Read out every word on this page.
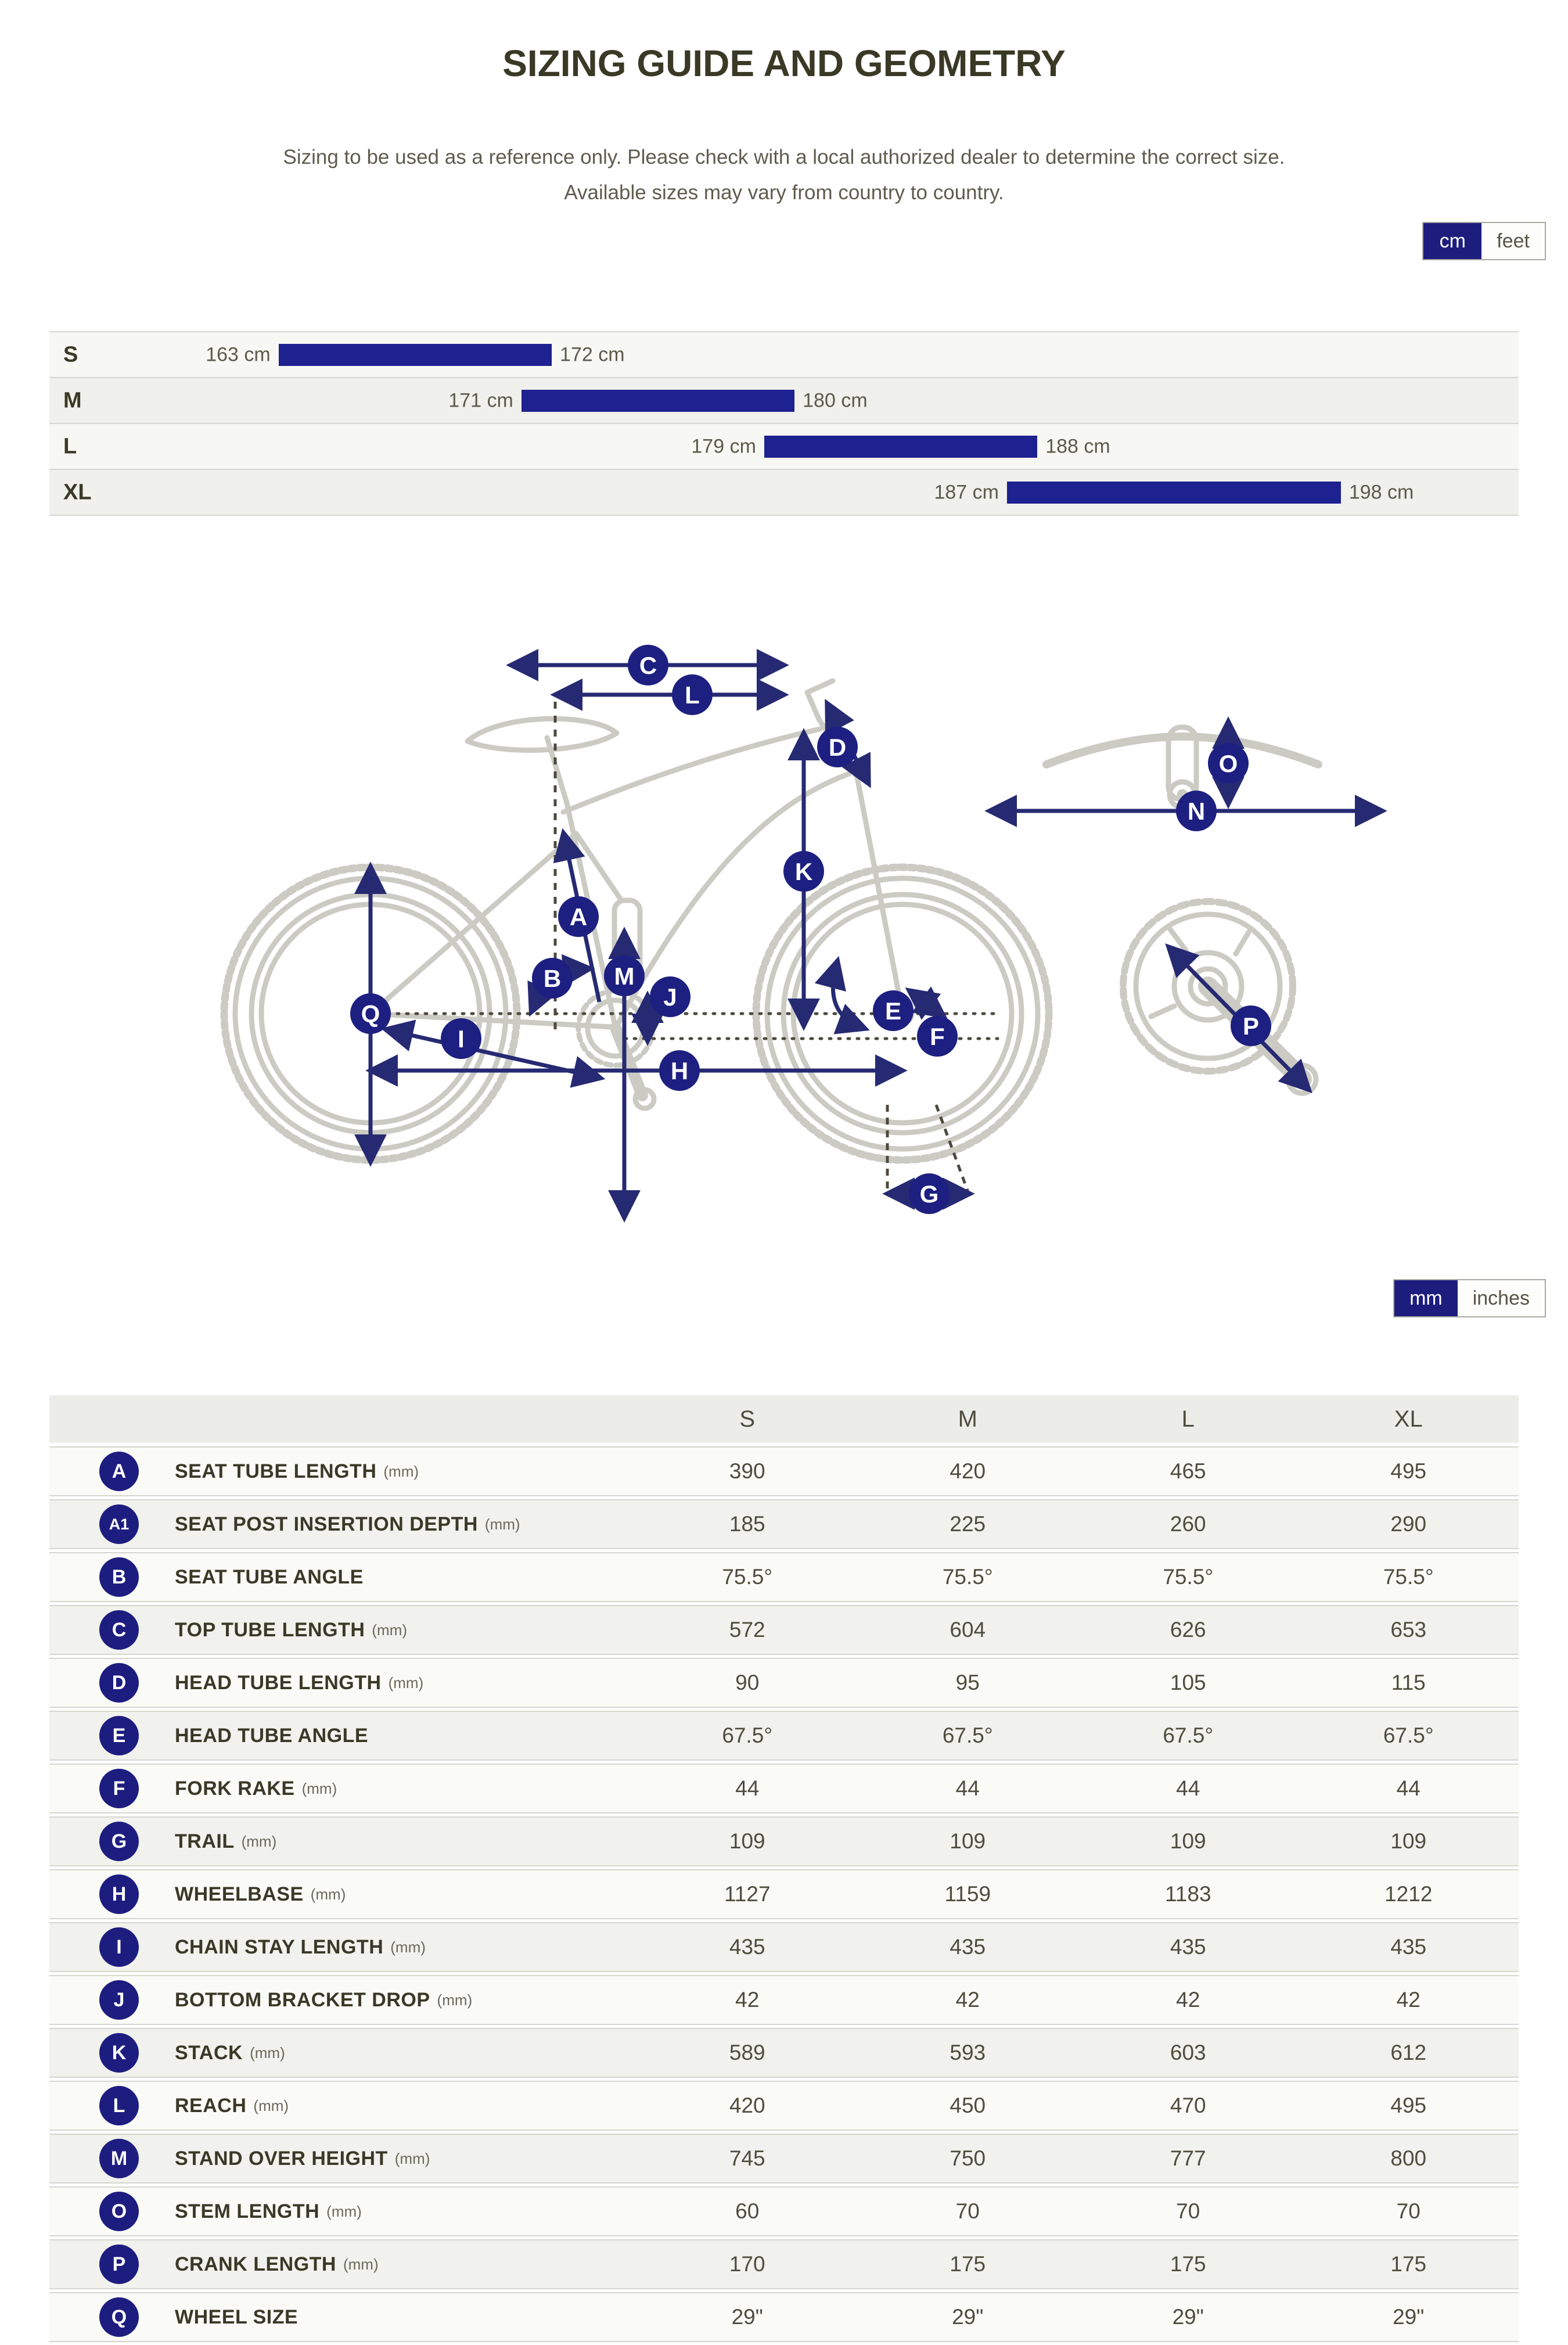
SIZING GUIDE AND GEOMETRY

Sizing to be used as a reference only. Please check with a local authorized dealer to determine the correct size.
Available sizes may vary from country to country.

cm	feet
S	163 cm	172 cm
M	171 cm	180 cm
L	179 cm	188 cm
XL	187 cm	198 cm
A
B
C
D
E
F
G
H
I
J
K
L
M
N
O
P
Q
mm	inches
S	M	L	XL
A	SEAT TUBE LENGTH (mm)	390	420	465	495
A1	SEAT POST INSERTION DEPTH (mm)	185	225	260	290
B	SEAT TUBE ANGLE	75.5°	75.5°	75.5°	75.5°
C	TOP TUBE LENGTH (mm)	572	604	626	653
D	HEAD TUBE LENGTH (mm)	90	95	105	115
E	HEAD TUBE ANGLE	67.5°	67.5°	67.5°	67.5°
F	FORK RAKE (mm)	44	44	44	44
G	TRAIL (mm)	109	109	109	109
H	WHEELBASE (mm)	1127	1159	1183	1212
I	CHAIN STAY LENGTH (mm)	435	435	435	435
J	BOTTOM BRACKET DROP (mm)	42	42	42	42
K	STACK (mm)	589	593	603	612
L	REACH (mm)	420	450	470	495
M	STAND OVER HEIGHT (mm)	745	750	777	800
O	STEM LENGTH (mm)	60	70	70	70
P	CRANK LENGTH (mm)	170	175	175	175
Q	WHEEL SIZE	29"	29"	29"	29"
